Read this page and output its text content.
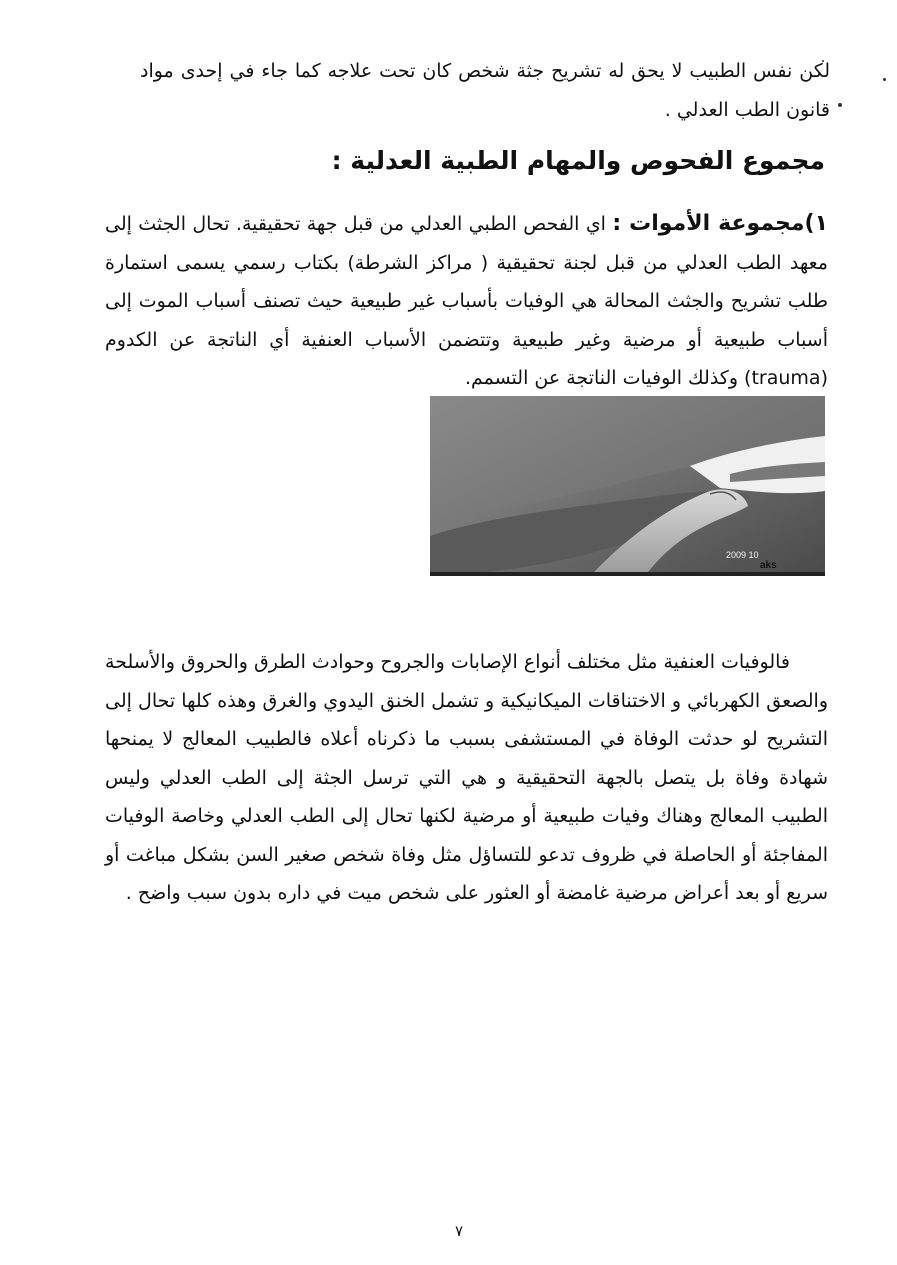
لكن نفس الطبيب لا يحق له تشريح جثة شخص كان تحت علاجه كما جاء في إحدى مواد قانون الطب العدلي .

مجموع الفحوص والمهام الطبية العدلية :

١)مجموعة الأموات : اي الفحص الطبي العدلي من قبل جهة تحقيقية. تحال الجثث إلى معهد الطب العدلي من قبل لجنة تحقيقية ( مراكز الشرطة) بكتاب رسمي يسمى استمارة طلب تشريح والجثث المحالة هي الوفيات بأسباب غير طبيعية حيث تصنف أسباب الموت إلى أسباب طبيعية أو مرضية وغير طبيعية وتتضمن الأسباب العنفية أي الناتجة عن الكدوم (trauma) وكذلك الوفيات الناتجة عن التسمم.

2009 10
aks

فالوفيات العنفية مثل مختلف أنواع الإصابات والجروح وحوادث الطرق والحروق والأسلحة والصعق الكهربائي و الاختناقات الميكانيكية و تشمل الخنق اليدوي والغرق وهذه كلها تحال إلى التشريح لو حدثت الوفاة في المستشفى بسبب ما ذكرناه أعلاه فالطبيب المعالج لا يمنحها شهادة وفاة بل يتصل بالجهة التحقيقية و هي التي ترسل الجثة إلى الطب العدلي وليس الطبيب المعالج وهناك وفيات طبيعية أو مرضية لكنها تحال إلى الطب العدلي وخاصة الوفيات المفاجئة أو الحاصلة في ظروف تدعو للتساؤل مثل وفاة شخص صغير السن بشكل مباغت أو سريع أو بعد أعراض مرضية غامضة أو العثور على شخص ميت في داره بدون سبب واضح .

٧
